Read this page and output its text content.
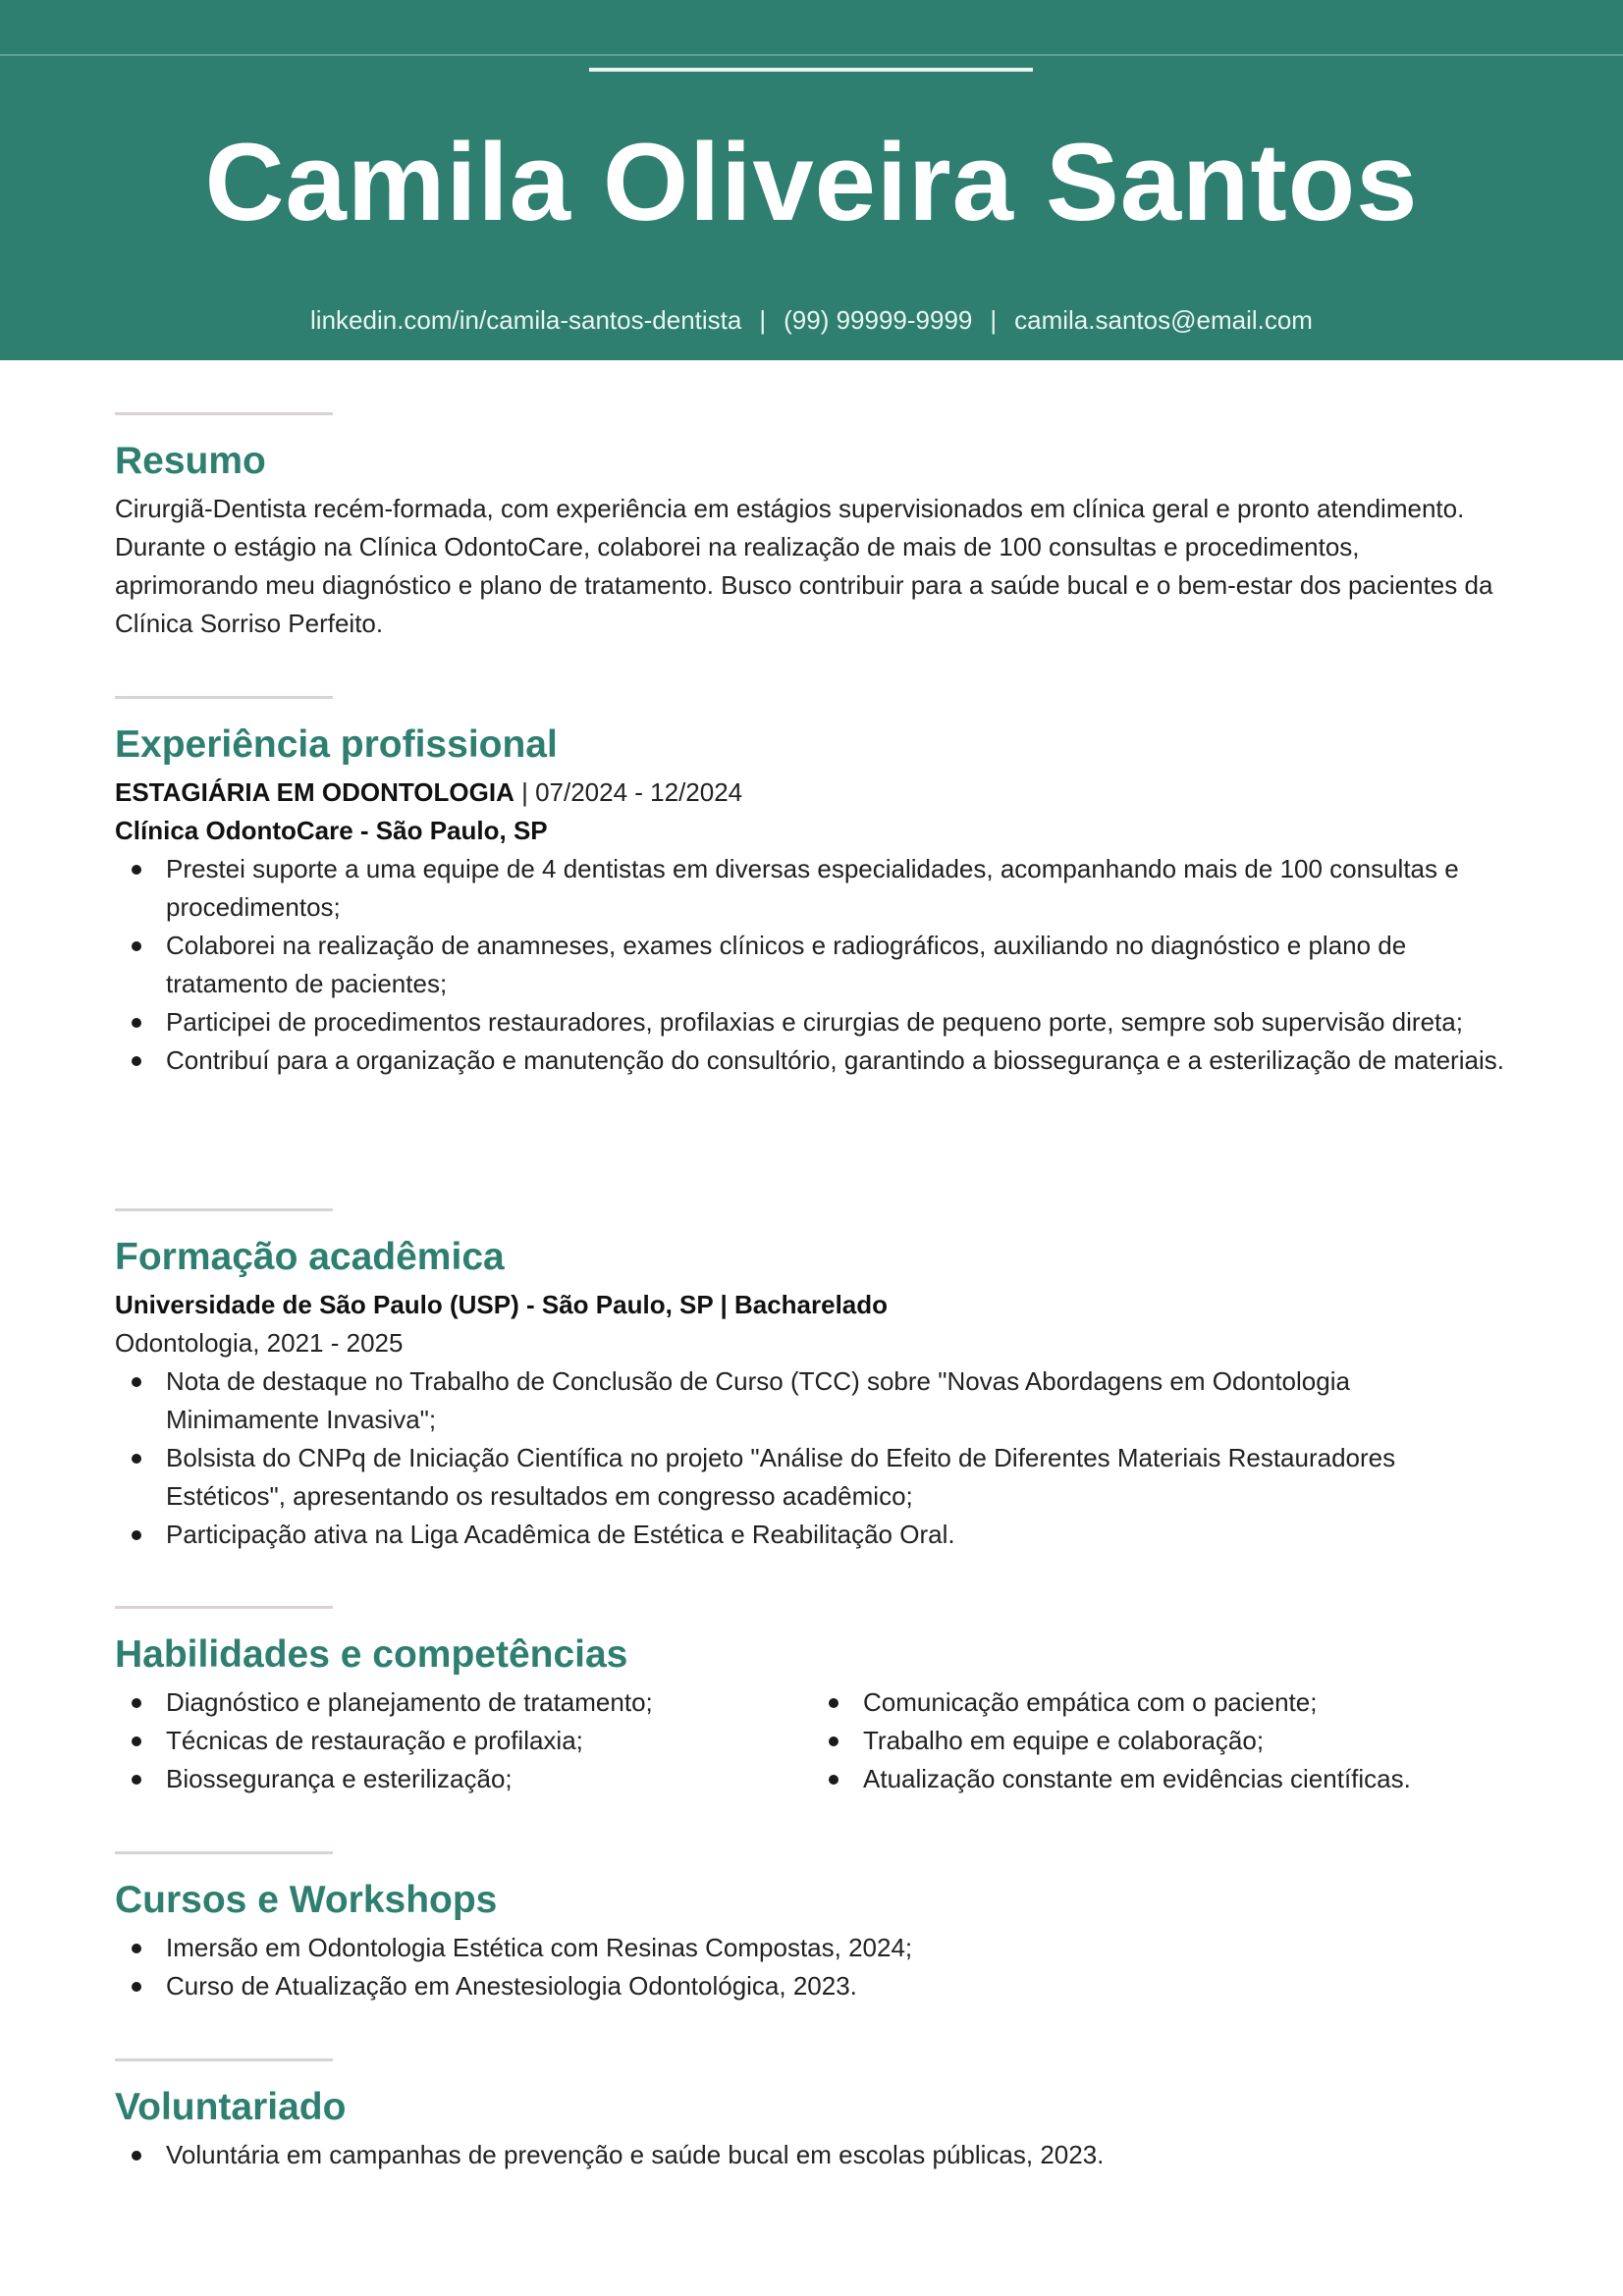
Camila Oliveira Santos
linkedin.com/in/camila-santos-dentista | (99) 99999-9999 | camila.santos@email.com
Resumo

Cirurgiã-Dentista recém-formada, com experiência em estágios supervisionados em clínica geral e pronto atendimento. Durante o estágio na Clínica OdontoCare, colaborei na realização de mais de 100 consultas e procedimentos, aprimorando meu diagnóstico e plano de tratamento. Busco contribuir para a saúde bucal e o bem-estar dos pacientes da Clínica Sorriso Perfeito.

Experiência profissional

ESTAGIÁRIA EM ODONTOLOGIA | 07/2024 - 12/2024

Clínica OdontoCare - São Paulo, SP

Prestei suporte a uma equipe de 4 dentistas em diversas especialidades, acompanhando mais de 100 consultas e procedimentos;
Colaborei na realização de anamneses, exames clínicos e radiográficos, auxiliando no diagnóstico e plano de tratamento de pacientes;
Participei de procedimentos restauradores, profilaxias e cirurgias de pequeno porte, sempre sob supervisão direta;
Contribuí para a organização e manutenção do consultório, garantindo a biossegurança e a esterilização de materiais.
Formação acadêmica

Universidade de São Paulo (USP) - São Paulo, SP | Bacharelado

Odontologia, 2021 - 2025

Nota de destaque no Trabalho de Conclusão de Curso (TCC) sobre "Novas Abordagens em Odontologia Minimamente Invasiva";
Bolsista do CNPq de Iniciação Científica no projeto "Análise do Efeito de Diferentes Materiais Restauradores Estéticos", apresentando os resultados em congresso acadêmico;
Participação ativa na Liga Acadêmica de Estética e Reabilitação Oral.
Habilidades e competências
Diagnóstico e planejamento de tratamento;
Técnicas de restauração e profilaxia;
Biossegurança e esterilização;
Comunicação empática com o paciente;
Trabalho em equipe e colaboração;
Atualização constante em evidências científicas.
Cursos e Workshops
Imersão em Odontologia Estética com Resinas Compostas, 2024;
Curso de Atualização em Anestesiologia Odontológica, 2023.
Voluntariado
Voluntária em campanhas de prevenção e saúde bucal em escolas públicas, 2023.
